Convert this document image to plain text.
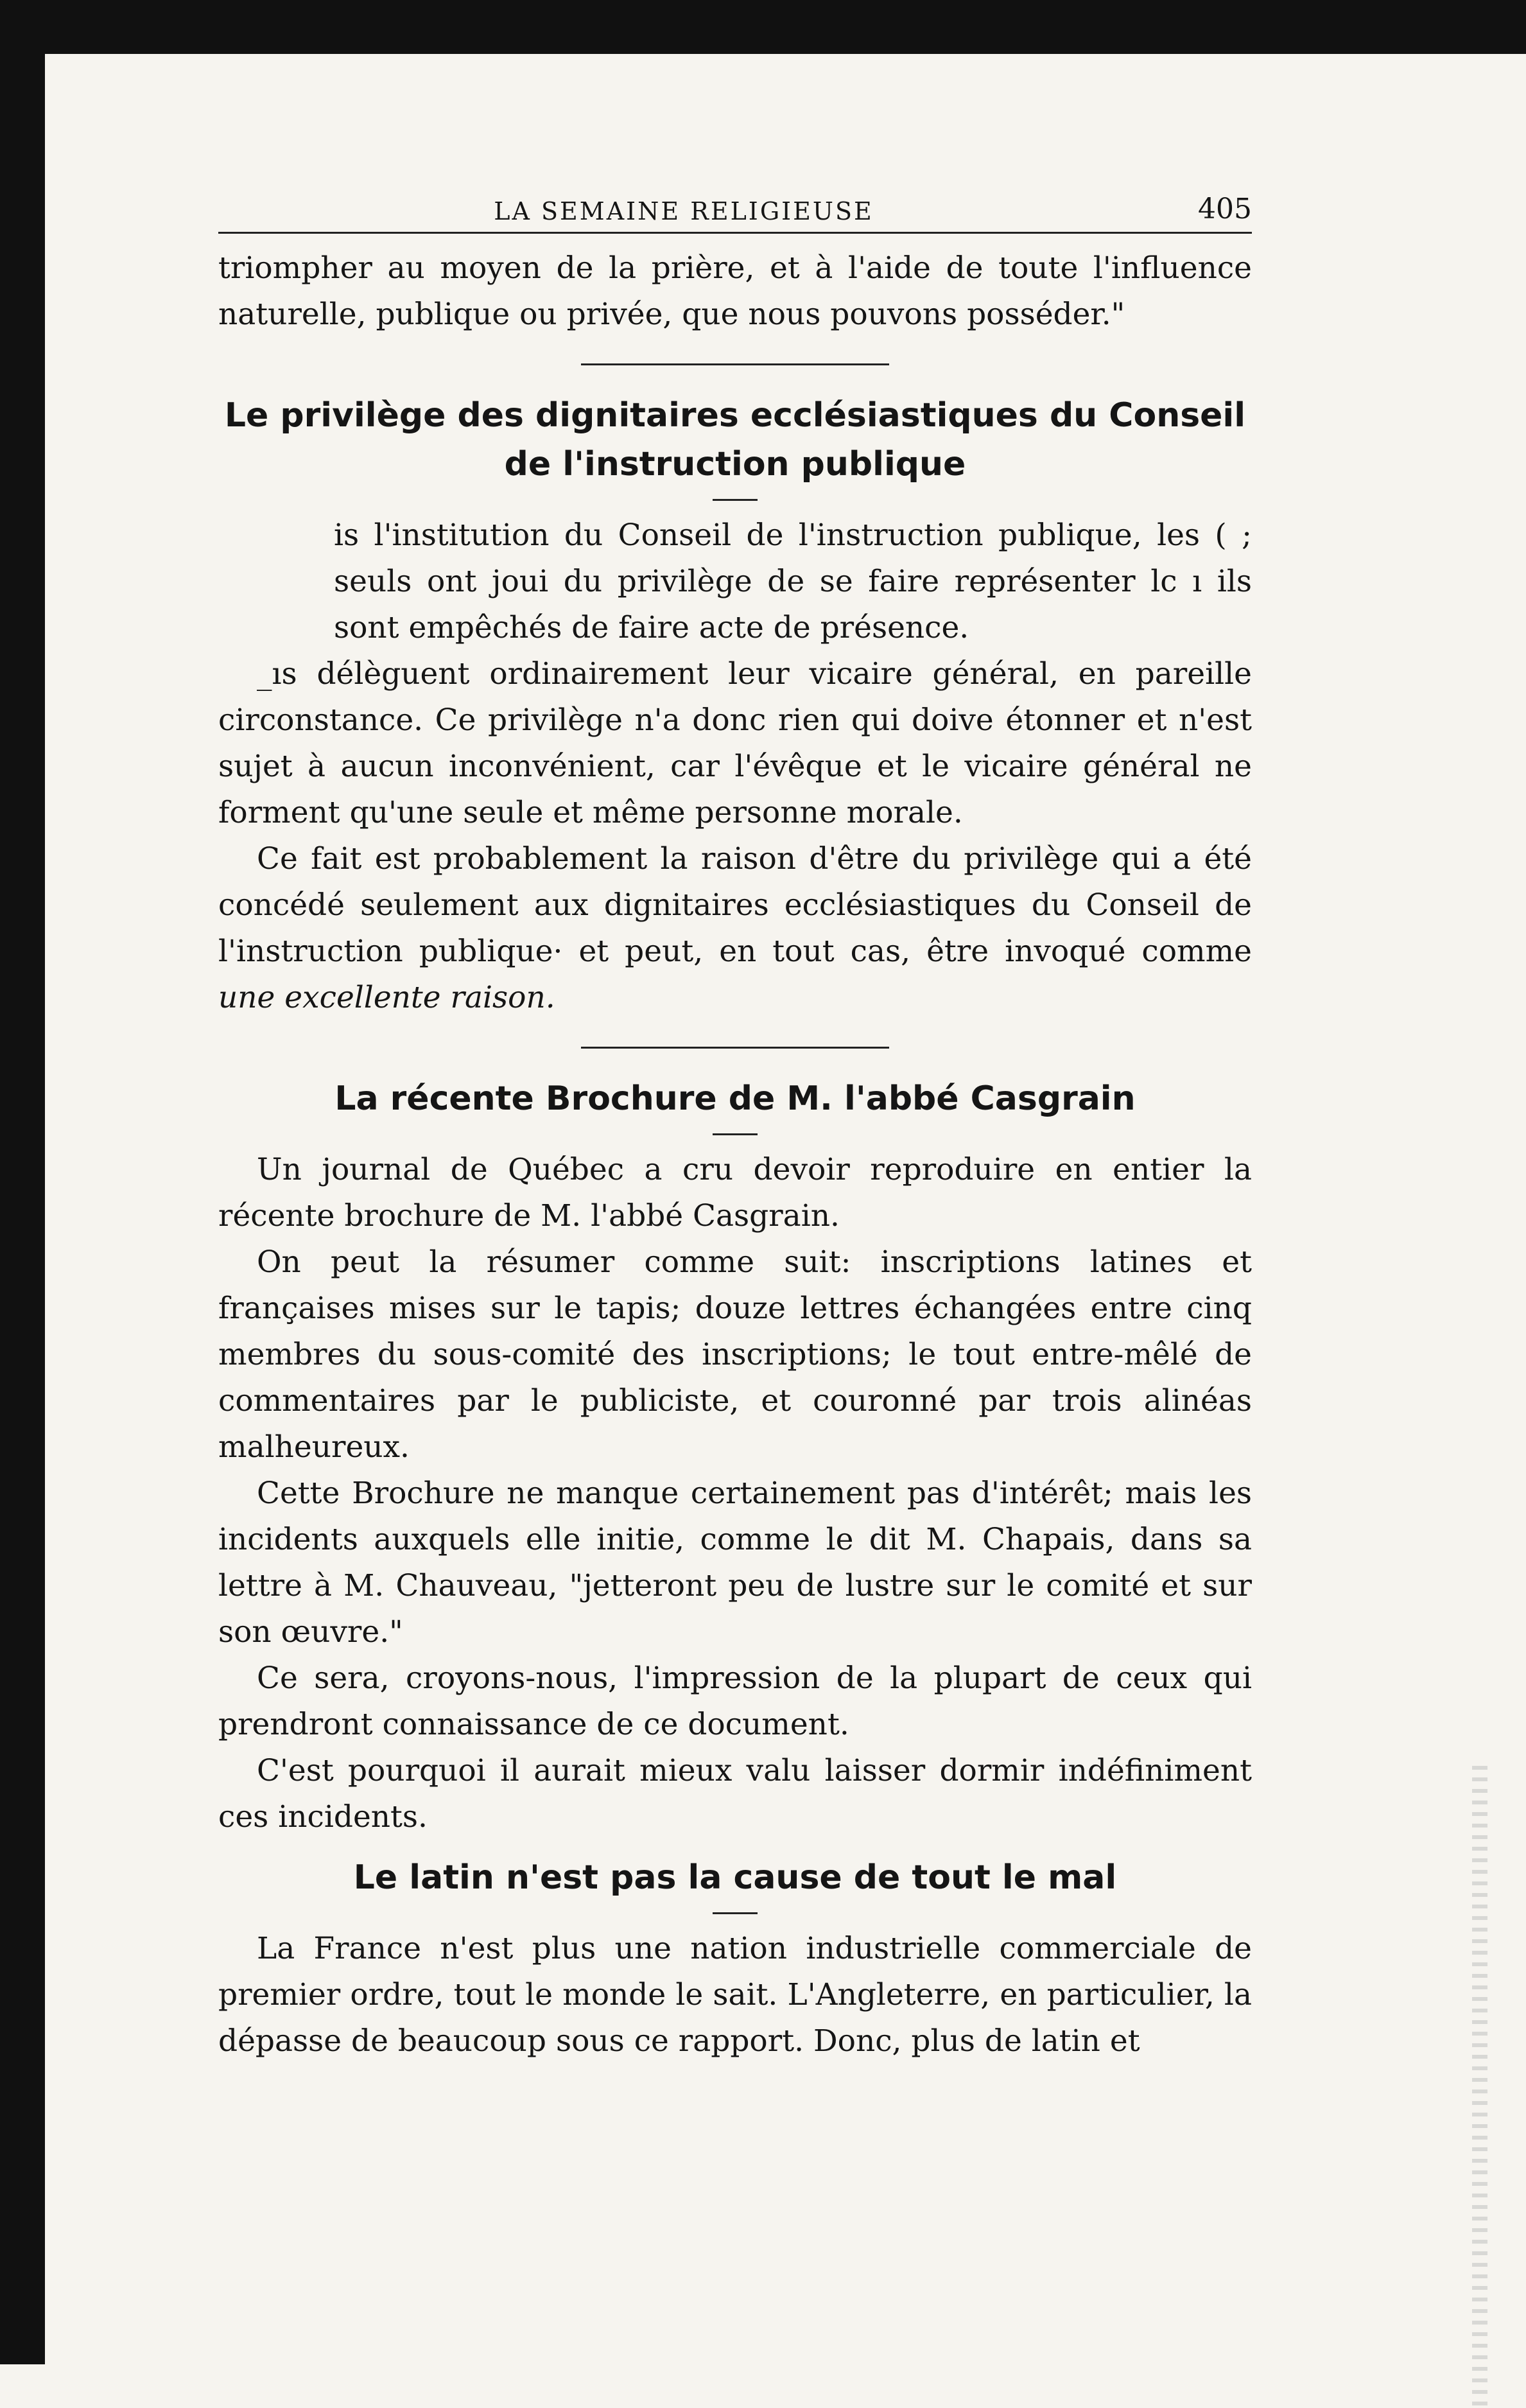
LA SEMAINE RELIGIEUSE	405

triompher au moyen de la prière, et à l'aide de toute l'influence naturelle, publique ou privée, que nous pouvons posséder."

Le privilège des dignitaires ecclésiastiques du Conseil de l'instruction publique

is l'institution du Conseil de l'instruction publique, les ( ; seuls ont joui du privilège de se faire représenter lc ı ils sont empêchés de faire acte de présence.

_ıs délèguent ordinairement leur vicaire général, en pareille circonstance. Ce privilège n'a donc rien qui doive étonner et n'est sujet à aucun inconvénient, car l'évêque et le vicaire général ne forment qu'une seule et même personne morale.

Ce fait est probablement la raison d'être du privilège qui a été concédé seulement aux dignitaires ecclésiastiques du Conseil de l'instruction publique· et peut, en tout cas, être invoqué comme une excellente raison.

La récente Brochure de M. l'abbé Casgrain

Un journal de Québec a cru devoir reproduire en entier la récente brochure de M. l'abbé Casgrain.

On peut la résumer comme suit: inscriptions latines et françaises mises sur le tapis; douze lettres échangées entre cinq membres du sous-comité des inscriptions; le tout entre-mêlé de commentaires par le publiciste, et couronné par trois alinéas malheureux.

Cette Brochure ne manque certainement pas d'intérêt; mais les incidents auxquels elle initie, comme le dit M. Chapais, dans sa lettre à M. Chauveau, "jetteront peu de lustre sur le comité et sur son œuvre."

Ce sera, croyons-nous, l'impression de la plupart de ceux qui prendront connaissance de ce document.

C'est pourquoi il aurait mieux valu laisser dormir indéfiniment ces incidents.

Le latin n'est pas la cause de tout le mal

La France n'est plus une nation industrielle commerciale de premier ordre, tout le monde le sait. L'Angleterre, en particulier, la dépasse de beaucoup sous ce rapport. Donc, plus de latin et
